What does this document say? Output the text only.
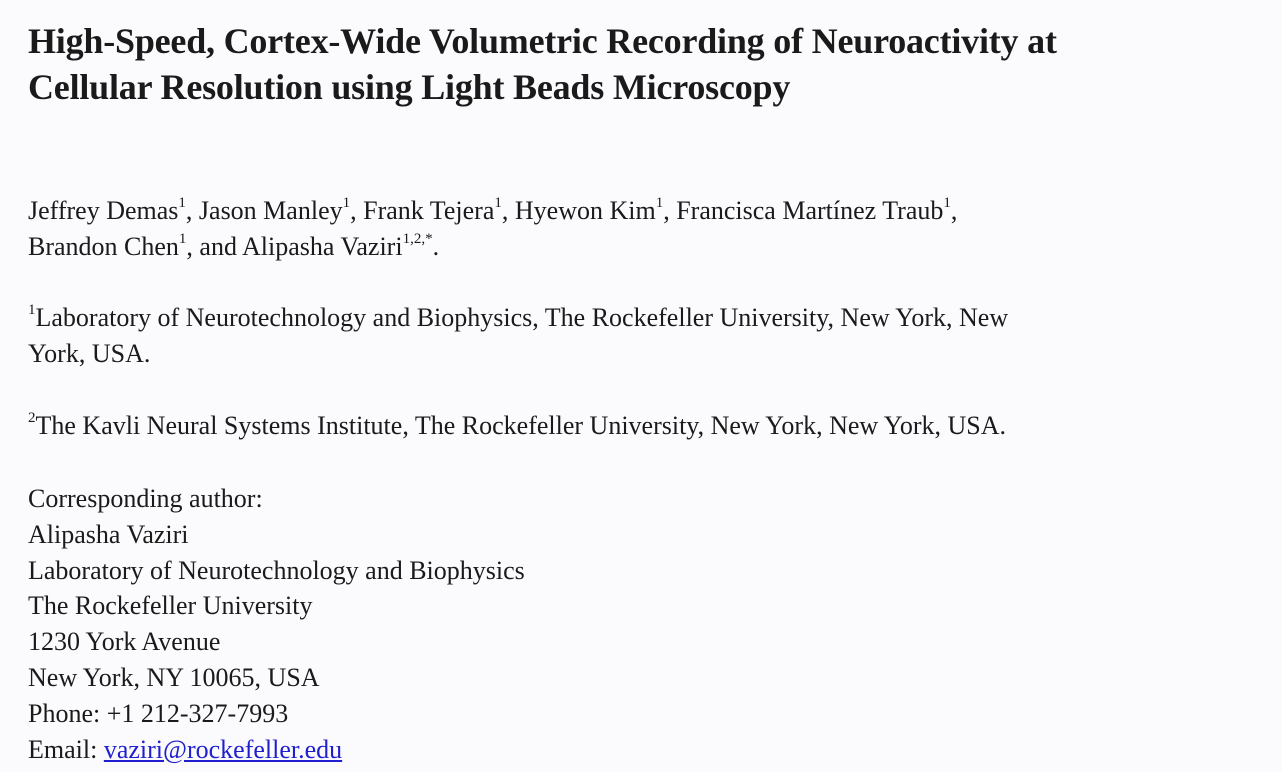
High-Speed, Cortex-Wide Volumetric Recording of Neuroactivity at
Cellular Resolution using Light Beads Microscopy
Jeffrey Demas$^1$, Jason Manley$^1$, Frank Tejera$^1$, Hyewon Kim$^1$, Francisca Martínez Traub$^1$,
Brandon Chen$^1$, and Alipasha Vaziri$^{1,2,*}$.
$^1$Laboratory of Neurotechnology and Biophysics, The Rockefeller University, New York, New
York, USA.
$^2$The Kavli Neural Systems Institute, The Rockefeller University, New York, New York, USA.
Corresponding author:
Alipasha Vaziri
Laboratory of Neurotechnology and Biophysics
The Rockefeller University
1230 York Avenue
New York, NY 10065, USA
Phone: +1 212-327-7993
Email: vaziri@rockefeller.edu
